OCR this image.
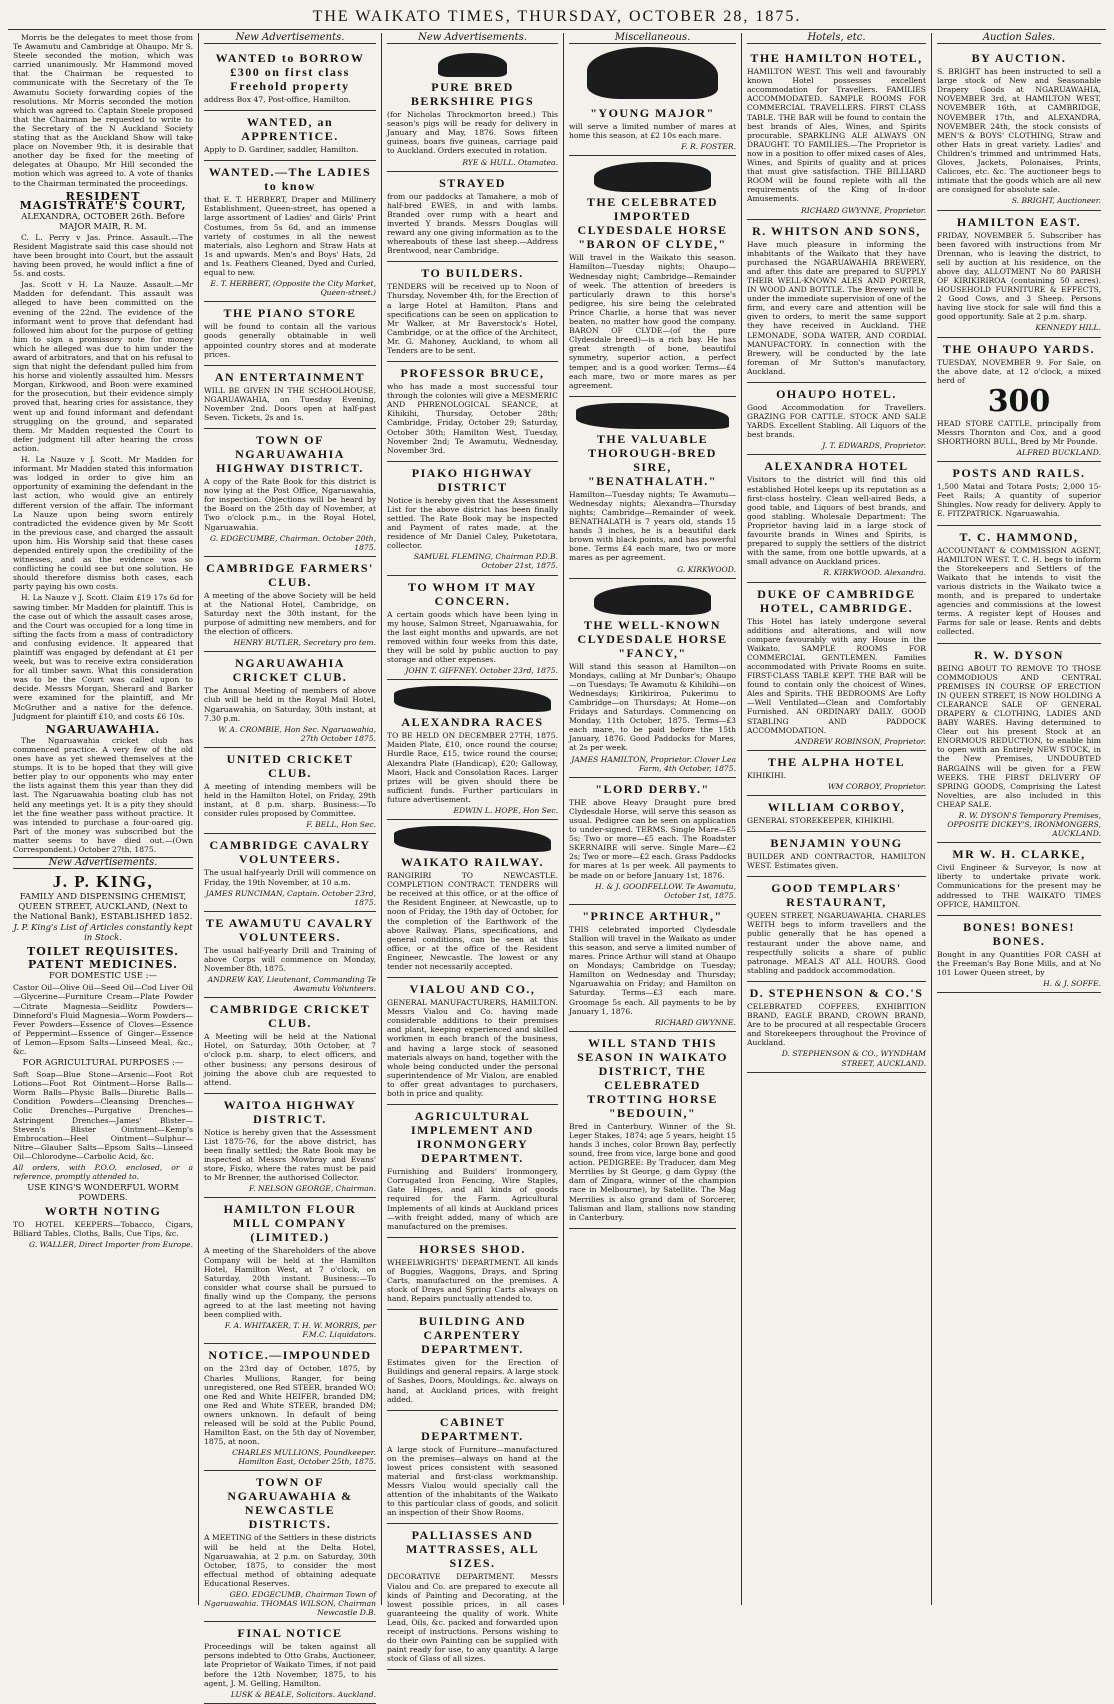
THE WAIKATO TIMES, THURSDAY, OCTOBER 28, 1875.

Morris be the delegates to meet those from Te Awamutu and Cambridge at Ohaupo. Mr S. Steele seconded the motion, which was carried unanimously. Mr Hammond moved that the Chairman be requested to communicate with the Secretary of the Te Awamutu Society forwarding copies of the resolutions. Mr Morris seconded the motion which was agreed to. Captain Steele proposed that the Chairman be requested to write to the Secretary of the N Auckland Society stating that as the Auckland Show will take place on November 9th, it is desirable that another day be fixed for the meeting of delegates at Ohaupo. Mr Hill seconded the motion which was agreed to. A vote of thanks to the Chairman terminated the proceedings.

RESIDENT MAGISTRATE'S COURT,
ALEXANDRA, OCTOBER 26th. Before MAJOR MAIR, R. M.

C. L. Perry v Jas. Prince. Assault.—The Resident Magistrate said this case should not have been brought into Court, but the assault having been proved, he would inflict a fine of 5s. and costs.

Jas. Scott v H. La Nauze. Assault.—Mr Madden for defendant. This assault was alleged to have been committed on the evening of the 22nd. The evidence of the informant went to prove that defendant had followed him about for the purpose of getting him to sign a promissory note for money which he alleged was due to him under the award of arbitrators, and that on his refusal to sign that night the defendant pulled him from his horse and violently assaulted him. Messrs Morgan, Kirkwood, and Boon were examined for the prosecution, but their evidence simply proved that, hearing cries for assistance, they went up and found informant and defendant struggling on the ground, and separated them. Mr Madden requested the Court to defer judgment till after hearing the cross action.

H. La Nauze v J. Scott. Mr Madden for informant. Mr Madden stated this information was lodged in order to give him an opportunity of examining the defendant in the last action, who would give an entirely different version of the affair. The informant La Nauze upon being sworn entirely contradicted the evidence given by Mr Scott in the previous case, and charged the assault upon him. His Worship said that these cases depended entirely upon the credibility of the witnesses, and as the evidence was so conflicting he could see but one solution. He should therefore dismiss both cases, each party paying his own costs.

H. La Nauze v J. Scott. Claim £19 17s 6d for sawing timber. Mr Madden for plaintiff. This is the case out of which the assault cases arose, and the Court was occupied for a long time in sifting the facts from a mass of contradictory and confusing evidence. It appeared that plaintiff was engaged by defendant at £1 per week, but was to receive extra consideration for all timber sawn. What this consideration was to be the Court was called upon to decide. Messrs Morgan, Sherard and Barker were examined for the plaintiff, and Mr McGruther and a native for the defence. Judgment for plaintiff £10, and costs £6 10s.

NGARUAWAHIA.

The Ngaruawahia cricket club has commenced practice. A very few of the old ones have as yet shewed themselves at the stumps. It is to be hoped that they will give better play to our opponents who may enter the lists against them this year than they did last. The Ngaruawahia boating club has not held any meetings yet. It is a pity they should let the fine weather pass without practice. It was intended to purchase a four-oared gig. Part of the money was subscribed but the matter seems to have died out.—(Own Correspondent.) October 27th, 1875.

New Advertisements.
J. P. KING,
FAMILY AND DISPENSING CHEMIST, QUEEN STREET, AUCKLAND, (Next to the National Bank), ESTABLISHED 1852.
J. P. King's List of Articles constantly kept in Stock.
TOILET REQUISITES.
PATENT MEDICINES.
FOR DOMESTIC USE :—

Castor Oil—Olive Oil—Seed Oil—Cod Liver Oil—Glycerine—Furniture Cream—Plate Powder—Citrate Magnesia—Seidlitz Powders—Dinneford's Fluid Magnesia—Worm Powders—Fever Powders—Essence of Cloves—Essence of Peppermint—Essence of Ginger—Essence of Lemon—Epsom Salts—Linseed Meal, &c., &c.

FOR AGRICULTURAL PURPOSES :—

Soft Soap—Blue Stone—Arsenic—Foot Rot Lotions—Foot Rot Ointment—Horse Balls—Worm Balls—Physic Balls—Diuretic Balls—Condition Powders—Cleansing Drenches—Colic Drenches—Purgative Drenches—Astringent Drenches—James' Blister—Steven's Blister Ointment—Kemp's Embrocation—Heel Ointment—Sulphur—Nitre—Glauber Salts—Epsom Salts—Linseed Oil—Chlorodyne—Carbolic Acid, &c.

All orders, with P.O.O. enclosed, or a reference, promptly attended to.

USE KING'S WONDERFUL WORM POWDERS.
WORTH NOTING

TO HOTEL KEEPERS—Tobacco, Cigars, Billiard Tables, Cloths, Balls, Cue Tips, &c.

G. WALLER, Direct Importer from Europe.
New Advertisements.
WANTED to BORROW £300 on first class Freehold property
address Box 47, Post-office, Hamilton.
WANTED, an APPRENTICE.
Apply to D. Gardiner, saddler, Hamilton.
WANTED.—The LADIES to know
that E. T. HERBERT, Draper and Millinery Establishment, Queen-street, has opened a large assortment of Ladies' and Girls' Print Costumes, from 5s 6d, and an immense variety of costumes in all the newest materials, also Leghorn and Straw Hats at 1s and upwards. Men's and Boys' Hats, 2d and 1s. Feathers Cleaned, Dyed and Curled, equal to new.
E. T. HERBERT, (Opposite the City Market, Queen-street.)
THE PIANO STORE
will be found to contain all the various goods generally obtainable in well appointed country stores and at moderate prices.
AN ENTERTAINMENT
WILL BE GIVEN IN THE SCHOOLHOUSE, NGARUAWAHIA, on Tuesday Evening, November 2nd. Doors open at half-past Seven. Tickets, 2s and 1s.
TOWN OF NGARUAWAHIA HIGHWAY DISTRICT.
A copy of the Rate Book for this district is now lying at the Post Office, Ngaruawahia, for inspection. Objections will be heard by the Board on the 25th day of November, at Two o'clock p.m., in the Royal Hotel, Ngaruawahia.
G. EDGECUMBE, Chairman. October 20th, 1875.
CAMBRIDGE FARMERS' CLUB.
A meeting of the above Society will be held at the National Hotel, Cambridge, on Saturday next the 30th instant, for the purpose of admitting new members, and for the election of officers.
HENRY BUTLER, Secretary pro tem.
NGARUAWAHIA CRICKET CLUB.
The Annual Meeting of members of above club will be held in the Royal Mail Hotel, Ngaruawahia, on Saturday, 30th instant, at 7.30 p.m.
W. A. CROMBIE, Hon Sec. Ngaruawahia, 27th October 1875.
UNITED CRICKET CLUB.
A meeting of intending members will be held in the Hamilton Hotel, on Friday, 29th instant, at 8 p.m. sharp. Business:—To consider rules proposed by Committee.
F. BELL, Hon Sec.
CAMBRIDGE CAVALRY VOLUNTEERS.
The usual half-yearly Drill will commence on Friday, the 19th November, at 10 a.m.
JAMES RUNCIMAN, Captain. October 23rd, 1875.
TE AWAMUTU CAVALRY VOLUNTEERS.
The usual half-yearly Drill and Training of above Corps will commence on Monday, November 8th, 1875.
ANDREW KAY, Lieutenant, Commanding Te Awamutu Volunteers.
CAMBRIDGE CRICKET CLUB.
A Meeting will be held at the National Hotel, on Saturday, 30th October, at 7 o'clock p.m. sharp, to elect officers, and other business; any persons desirous of joining the above club are requested to attend.
WAITOA HIGHWAY DISTRICT.
Notice is hereby given that the Assessment List 1875-76, for the above district, has been finally settled; the Rate Book may be inspected at Messrs Mowbray and Evans' store, Fisko, where the rates must be paid to Mr Brenner, the authorised Collector.
F. NELSON GEORGE, Chairman.
HAMILTON FLOUR MILL COMPANY (LIMITED.)
A meeting of the Shareholders of the above Company will be held at the Hamilton Hotel, Hamilton West, at 7 o'clock, on Saturday, 20th instant. Business:—To consider what course shall be pursued to finally wind up the Company, the persons agreed to at the last meeting not having been complied with.
F. A. WHITAKER, T. H. W. MORRIS, per F.M.C. Liquidators.
NOTICE.—IMPOUNDED
on the 23rd day of October, 1875, by Charles Mullions, Ranger, for being unregistered, one Red STEER, branded WO; one Red and White HEIFER, branded DM; one Red and White STEER, branded DM; owners unknown. In default of being released will be sold at the Public Pound, Hamilton East, on the 5th day of November, 1875, at noon.
CHARLES MULLIONS, Poundkeeper. Hamilton East, October 25th, 1875.
TOWN OF NGARUAWAHIA & NEWCASTLE DISTRICTS.
A MEETING of the Settlers in these districts will be held at the Delta Hotel, Ngaruawahia, at 2 p.m. on Saturday, 30th October, 1875, to consider the most effectual method of obtaining adequate Educational Reserves.
GEO. EDGECUMB, Chairman Town of Ngaruawahia. THOMAS WILSON, Chairman Newcastle D.B.
FINAL NOTICE
Proceedings will be taken against all persons indebted to Otto Grabs, Auctioneer, late Proprietor of Waikato Times, if not paid before the 12th November, 1875, to his agent, J. M. Gelling, Hamilton.
LUSK & BEALE, Solicitors. Auckland.
New Advertisements.
PURE BRED BERKSHIRE PIGS
(for Nicholas Throckmorton breed.) This season's pigs will be ready for delivery in January and May, 1876. Sows fifteen guineas, boars five guineas, carriage paid to Auckland. Orders executed in rotation.
RYE & HULL. Otamatea.
STRAYED
from our paddocks at Tamahere, a mob of half-bred EWES, in and with lambs. Branded over rump with a heart and inverted Y brands. Messrs Douglas will reward any one giving information as to the whereabouts of these last sheep.—Address Brentwood, near Cambridge.
TO BUILDERS.
TENDERS will be received up to Noon of Thursday, November 4th, for the Erection of a large Hotel at Hamilton. Plans and specifications can be seen on application to Mr Walker, at Mr Baverstock's Hotel, Cambridge, or at the office of the Architect, Mr. G. Mahoney, Auckland, to whom all Tenders are to be sent.
PROFESSOR BRUCE,
who has made a most successful tour through the colonies will give a MESMERIC AND PHRENOLOGICAL SEANCE, at Kihikihi, Thursday, October 28th; Cambridge, Friday, October 29; Saturday, October 30th; Hamilton West, Tuesday, November 2nd; Te Awamutu, Wednesday, November 3rd.
PIAKO HIGHWAY DISTRICT
Notice is hereby given that the Assessment List for the above district has been finally settled. The Rate Book may be inspected and Payment of rates made, at the residence of Mr Daniel Caley, Puketotara, collector.
SAMUEL FLEMING, Chairman P.D.B. October 21st, 1875.
TO WHOM IT MAY CONCERN.
A certain goods which have been lying in my house, Salmon Street, Ngaruawahia, for the last eight months and upwards, are not removed within four weeks from this date, they will be sold by public auction to pay storage and other expenses.
JOHN T. GIFFNEY. October 23rd, 1875.
ALEXANDRA RACES
TO BE HELD ON DECEMBER 27TH, 1875. Maiden Plate, £10, once round the course; Hurdle Race, £15, twice round the course; Alexandra Plate (Handicap), £20; Galloway, Maori, Hack and Consolation Races. Larger prizes will be given should there be sufficient funds. Further particulars in future advertisement.
EDWIN L. HOPE, Hon Sec.
WAIKATO RAILWAY.
RANGIRIRI TO NEWCASTLE. COMPLETION CONTRACT. TENDERS will be received at this office, or at the office of the Resident Engineer, at Newcastle, up to noon of Friday, the 19th day of October, for the completion of the Earthwork of the above Railway. Plans, specifications, and general conditions, can be seen at this office, or at the office of the Resident Engineer, Newcastle. The lowest or any tender not necessarily accepted.
VIALOU AND CO.,
GENERAL MANUFACTURERS, HAMILTON. Messrs Vialou and Co. having made considerable additions to their premises and plant, keeping experienced and skilled workmen in each branch of the business, and having a large stock of seasoned materials always on hand, together with the whole being conducted under the personal superintendence of Mr Vialou, are enabled to offer great advantages to purchasers, both in price and quality.
AGRICULTURAL IMPLEMENT AND IRONMONGERY DEPARTMENT.
Furnishing and Builders' Ironmongery, Corrugated Iron Fencing, Wire Staples, Gate Hinges, and all kinds of goods required for the Farm. Agricultural Implements of all kinds at Auckland prices—with freight added, many of which are manufactured on the premises.
HORSES SHOD.
WHEELWRIGHTS' DEPARTMENT. All kinds of Buggies, Waggons, Drays, and Spring Carts, manufactured on the premises. A stock of Drays and Spring Carts always on hand. Repairs punctually attended to.
BUILDING AND CARPENTERY DEPARTMENT.
Estimates given for the Erection of Buildings and general repairs. A large stock of Sashes, Doors, Mouldings, &c. always on hand, at Auckland prices, with freight added.
CABINET DEPARTMENT.
A large stock of Furniture—manufactured on the premises—always on hand at the lowest prices consistent with seasoned material and first-class workmanship. Messrs Vialou would specially call the attention of the inhabitants of the Waikato to this particular class of goods, and solicit an inspection of their Show Rooms.
PALLIASSES AND MATTRASSES, ALL SIZES.
DECORATIVE DEPARTMENT. Messrs Vialou and Co. are prepared to execute all kinds of Painting and Decorating, at the lowest possible prices, in all cases guaranteeing the quality of work. White Lead, Oils, &c. packed and forwarded upon receipt of instructions. Persons wishing to do their own Painting can be supplied with paint ready for use, to any quantity. A large stock of Glass of all sizes.
Miscellaneous.
"YOUNG MAJOR"
will serve a limited number of mares at home this season, at £2 10s each mare.
F. R. FOSTER.
THE CELEBRATED IMPORTED CLYDESDALE HORSE "BARON OF CLYDE,"
Will travel in the Waikato this season. Hamilton—Tuesday nights; Ohaupo—Wednesday night; Cambridge—Remainder of week. The attention of breeders is particularly drawn to this horse's pedigree, his sire being the celebrated Prince Charlie, a horse that was never beaten, no matter how good the company. BARON OF CLYDE—(of the pure Clydesdale breed)—is a rich bay. He has great strength of bone, beautiful symmetry, superior action, a perfect temper, and is a good worker. Terms—£4 each mare, two or more mares as per agreement.
THE VALUABLE THOROUGH-BRED SIRE, "BENATHALATH."
Hamilton—Tuesday nights; Te Awamutu—Wednesday nights; Alexandra—Thursday nights; Cambridge—Remainder of week. BENATHALATH is 7 years old, stands 15 hands 3 inches, he is a beautiful dark brown with black points, and has powerful bone. Terms £4 each mare, two or more mares as per agreement.
G. KIRKWOOD.
THE WELL-KNOWN CLYDESDALE HORSE "FANCY,"
Will stand this season at Hamilton—on Mondays, calling at Mr Dunbar's; Ohaupo—on Tuesdays; Te Awamutu & Kihikihi—on Wednesdays; Kirikiriroa, Pukerimu to Cambridge—on Thursdays; At Home—on Fridays and Saturdays. Commencing on Monday, 11th October, 1875. Terms—£3 each mare, to be paid before the 15th January, 1876. Good Paddocks for Mares, at 2s per week.
JAMES HAMILTON, Proprietor. Clover Lea Farm, 4th October, 1875.
"LORD DERBY."
THE above Heavy Draught pure bred Clydesdale Horse, will serve this season as usual. Pedigree can be seen on application to under-signed. TERMS. Single Mare—£5 5s; Two or more—£5 each. The Roadster SKERNAIRE will serve. Single Mare—£2 2s; Two or more—£2 each. Grass Paddocks for mares at 1s per week. All payments to be made on or before January 1st, 1876.
H. & J. GOODFELLOW. Te Awamutu, October 1st, 1875.
"PRINCE ARTHUR,"
THIS celebrated imported Clydesdale Stallion will travel in the Waikato as under this season, and serve a limited number of mares. Prince Arthur will stand at Ohaupo on Mondays; Cambridge on Tuesday; Hamilton on Wednesday and Thursday; Ngaruawahia on Friday; and Hamilton on Saturday. Terms—£3 each mare. Groomage 5s each. All payments to be by January 1, 1876.
RICHARD GWYNNE.
WILL STAND THIS SEASON IN WAIKATO DISTRICT, THE CELEBRATED TROTTING HORSE "BEDOUIN,"
Bred in Canterbury. Winner of the St. Leger Stakes, 1874; age 5 years, height 15 hands 3 inches, color Brown Bay, perfectly sound, free from vice, large bone and good action. PEDIGREE: By Traducer, dam Meg Merrilies by St George, g dam Gypsy (the dam of Zingara, winner of the champion race in Melbourne), by Satellite. The Mag Merrilies is also grand dam of Sorcerer, Talisman and Ilam, stallions now standing in Canterbury.
Hotels, etc.
THE HAMILTON HOTEL,
HAMILTON WEST. This well and favourably known Hotel possesses excellent accommodation for Travellers. FAMILIES ACCOMMODATED. SAMPLE ROOMS FOR COMMERCIAL TRAVELLERS. FIRST CLASS TABLE. THE BAR will be found to contain the best brands of Ales, Wines, and Spirits procurable. SPARKLING ALE ALWAYS ON DRAUGHT. TO FAMILIES.—The Proprietor is now in a position to offer mixed cases of Ales, Wines, and Spirits of quality and at prices that must give satisfaction. THE BILLIARD ROOM will be found replete with all the requirements of the King of In-door Amusements.
RICHARD GWYNNE, Proprietor.
R. WHITSON AND SONS,
Have much pleasure in informing the inhabitants of the Waikato that they have purchased the NGARUAWAHIA BREWERY, and after this date are prepared to SUPPLY THEIR WELL-KNOWN ALES AND PORTER, IN WOOD AND BOTTLE. The Brewery will be under the immediate supervision of one of the firm, and every care and attention will be given to orders, to merit the same support they have received in Auckland. THE LEMONADE, SODA WATER, AND CORDIAL MANUFACTORY. In connection with the Brewery, will be conducted by the late foreman of Mr Sutton's manufactory, Auckland.
OHAUPO HOTEL.
Good Accommodation for Travellers. GRAZING FOR CATTLE. STOCK AND SALE YARDS. Excellent Stabling. All Liquors of the best brands.
J. T. EDWARDS, Proprietor.
ALEXANDRA HOTEL
Visitors to the district will find this old established Hotel keeps up its reputation as a first-class hostelry. Clean well-aired Beds, a good table, and Liquors of best brands, and good stabling. Wholesale Department: The Proprietor having laid in a large stock of favourite brands in Wines and Spirits, is prepared to supply the settlers of the district with the same, from one bottle upwards, at a small advance on Auckland prices.
R. KIRKWOOD. Alexandra.
DUKE OF CAMBRIDGE HOTEL, CAMBRIDGE.
This Hotel has lately undergone several additions and alterations, and will now compare favourably with any House in the Waikato. SAMPLE ROOMS FOR COMMERCIAL GENTLEMEN. Families accommodated with Private Rooms en suite. FIRST-CLASS TABLE KEPT. THE BAR will be found to contain only the choicest of Wines, Ales and Spirits. THE BEDROOMS Are Lofty—Well Ventilated—Clean and Comfortably Furnished. AN ORDINARY DAILY. GOOD STABLING AND PADDOCK ACCOMMODATION.
ANDREW ROBINSON, Proprietor.
THE ALPHA HOTEL
KIHIKIHI.
WM CORBOY, Proprietor.
WILLIAM CORBOY,
GENERAL STOREKEEPER, KIHIKIHI.
BENJAMIN YOUNG
BUILDER AND CONTRACTOR, HAMILTON WEST. Estimates given.
GOOD TEMPLARS' RESTAURANT,
QUEEN STREET, NGARUAWAHIA. CHARLES WEITH begs to inform travellers and the public generally that he has opened a restaurant under the above name, and respectfully solicits a share of public patronage. MEALS AT ALL HOURS. Good stabling and paddock accommodation.
D. STEPHENSON & CO.'S
CELEBRATED COFFEES, EXHIBITION BRAND, EAGLE BRAND, CROWN BRAND, Are to be procured at all respectable Grocers and Storekeepers throughout the Province of Auckland.
D. STEPHENSON & CO., WYNDHAM STREET, AUCKLAND.
Auction Sales.
BY AUCTION.
S. BRIGHT has been instructed to sell a large stock of New and Seasonable Drapery Goods at NGARUAWAHIA, NOVEMBER 3rd, at HAMILTON WEST, NOVEMBER 16th, at CAMBRIDGE, NOVEMBER 17th, and ALEXANDRA, NOVEMBER 24th, the stock consists of MEN'S & BOYS' CLOTHING, Straw and other Hats in great variety. Ladies' and Children's trimmed and untrimmed Hats, Gloves, Jackets, Polonaises, Prints, Calicoes, etc. &c. The auctioneer begs to intimate that the goods which are all new are consigned for absolute sale.
S. BRIGHT, Auctioneer.
HAMILTON EAST.
FRIDAY, NOVEMBER 5. Subscriber has been favored with instructions from Mr Drennan, who is leaving the district, to sell by auction at his residence, on the above day, ALLOTMENT No 80 PARISH OF KIRIKIRIROA (containing 50 acres). HOUSEHOLD FURNITURE & EFFECTS, 2 Good Cows, and 3 Sheep. Persons having live stock for sale will find this a good opportunity. Sale at 2 p.m. sharp.
KENNEDY HILL.
THE OHAUPO YARDS.
TUESDAY, NOVEMBER 9. For Sale, on the above date, at 12 o'clock, a mixed herd of
300
HEAD STORE CATTLE, principally from Messrs Thornton and Cox, and a good SHORTHORN BULL, Bred by Mr Pounde.
ALFRED BUCKLAND.
POSTS AND RAILS.
1,500 Matai and Totara Posts; 2,000 15-Feet Rails; A quantity of superior Shingles. Now ready for delivery. Apply to E. FITZPATRICK. Ngaruawahia.
T. C. HAMMOND,
ACCOUNTANT & COMMISSION AGENT, HAMILTON WEST. T. C. H. begs to inform the Storekeepers and Settlers of the Waikato that he intends to visit the various districts in the Waikato twice a month, and is prepared to undertake agencies and commissions at the lowest terms. A register kept of Houses and Farms for sale or lease. Rents and debts collected.
R. W. DYSON
BEING ABOUT TO REMOVE TO THOSE COMMODIOUS AND CENTRAL PREMISES IN COURSE OF ERECTION IN QUEEN STREET, IS NOW HOLDING A CLEARANCE SALE OF GENERAL DRAPERY & CLOTHING, LADIES AND BABY WARES. Having determined to Clear out his present Stock at an ENORMOUS REDUCTION, to enable him to open with an Entirely NEW STOCK, in the New Premises, UNDOUBTED BARGAINS will be given for a FEW WEEKS. THE FIRST DELIVERY OF SPRING GOODS, Comprising the Latest Novelties, are also included in this CHEAP SALE.
R. W. DYSON'S Temporary Premises, OPPOSITE DICKEY'S, IRONMONGERS, AUCKLAND.
MR W. H. CLARKE,
Civil Engineer & Surveyor, Is now at liberty to undertake private work. Communications for the present may be addressed to THE WAIKATO TIMES OFFICE, HAMILTON.
BONES! BONES! BONES.
Bought in any Quantities FOR CASH at the Freeman's Bay Bone Mills, and at No 101 Lower Queen street, by
H. & J. SOFFE.
